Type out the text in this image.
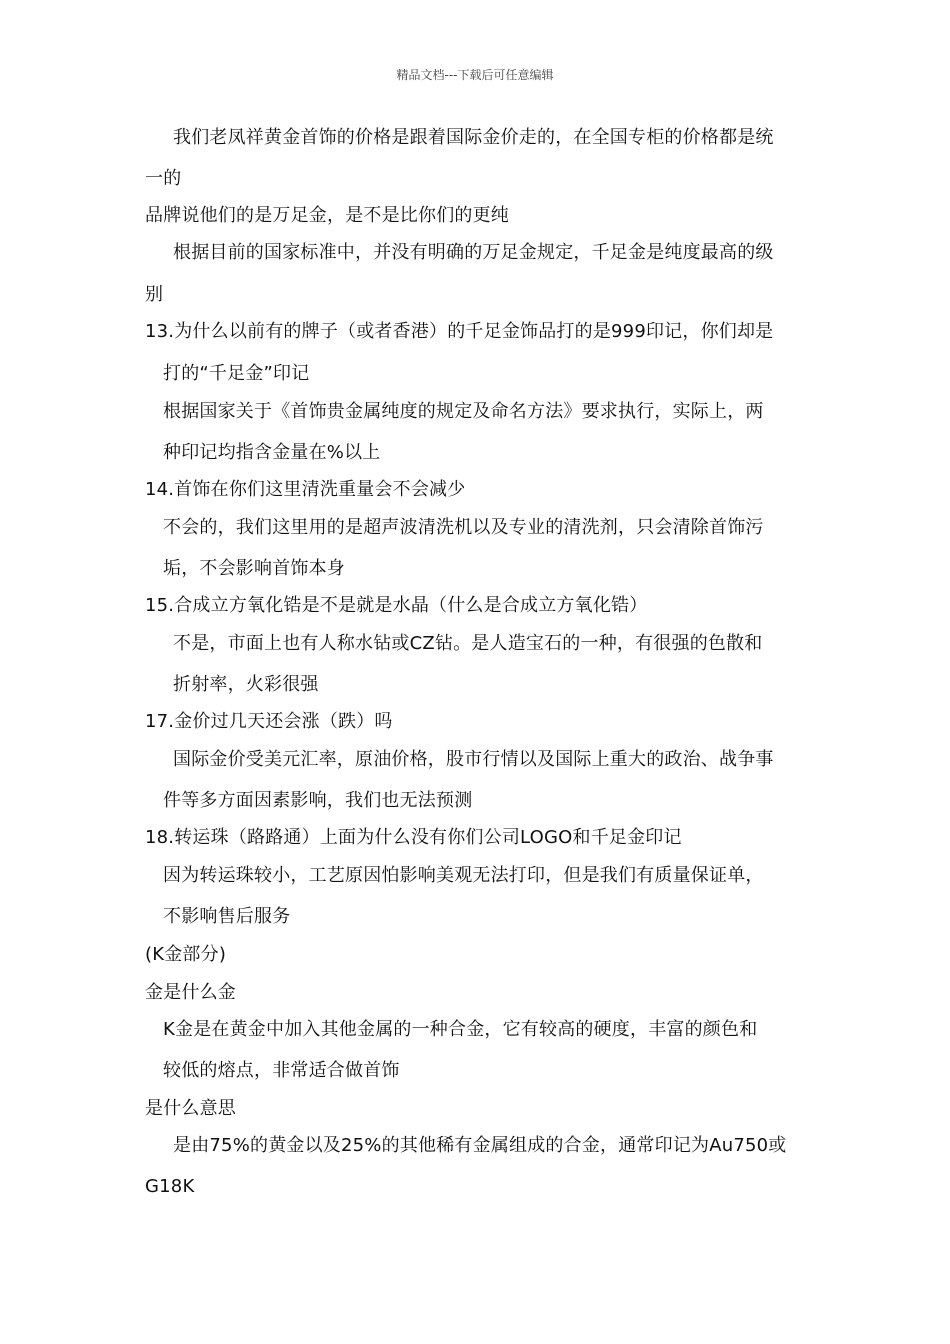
精品文档---下载后可任意编辑
我们老凤祥黄金首饰的价格是跟着国际金价走的，在全国专柜的价格都是统
一的
品牌说他们的是万足金，是不是比你们的更纯
根据目前的国家标准中，并没有明确的万足金规定，千足金是纯度最高的级
别
13.为什么以前有的牌子（或者香港）的千足金饰品打的是999印记，你们却是
打的“千足金”印记
根据国家关于《首饰贵金属纯度的规定及命名方法》要求执行，实际上，两
种印记均指含金量在%以上
14.首饰在你们这里清洗重量会不会减少
不会的，我们这里用的是超声波清洗机以及专业的清洗剂，只会清除首饰污
垢，不会影响首饰本身
15.合成立方氧化锆是不是就是水晶（什么是合成立方氧化锆）
不是，市面上也有人称水钻或CZ钻。是人造宝石的一种，有很强的色散和
折射率，火彩很强
17.金价过几天还会涨（跌）吗
国际金价受美元汇率，原油价格，股市行情以及国际上重大的政治、战争事
件等多方面因素影响，我们也无法预测
18.转运珠（路路通）上面为什么没有你们公司LOGO和千足金印记
因为转运珠较小，工艺原因怕影响美观无法打印，但是我们有质量保证单，
不影响售后服务
(K金部分)
金是什么金
K金是在黄金中加入其他金属的一种合金，它有较高的硬度，丰富的颜色和
较低的熔点，非常适合做首饰
是什么意思
是由75%的黄金以及25%的其他稀有金属组成的合金，通常印记为Au750或
G18K
